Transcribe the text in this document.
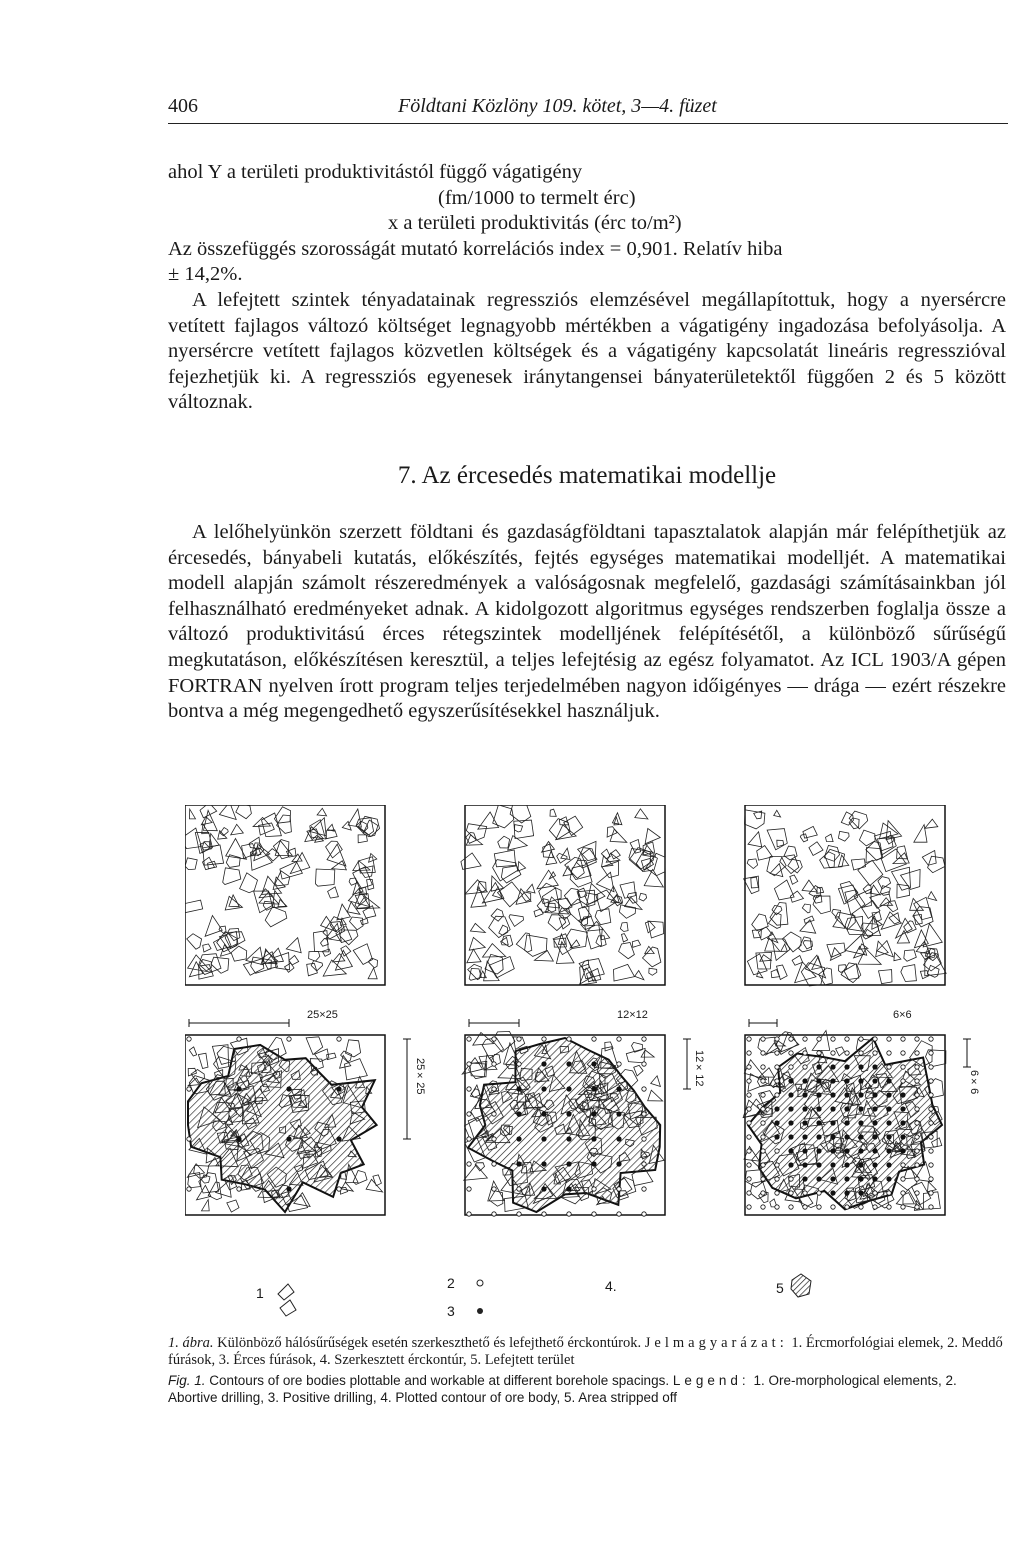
406	Földtani Közlöny 109. kötet, 3—4. füzet
ahol Y a területi produktivitástól függő vágatigény
(fm/1000 to termelt érc)
x a területi produktivitás (érc to/m²)
Az összefüggés szorosságát mutató korrelációs index = 0,901. Relatív hiba
± 14,2%.
A lefejtett szintek tényadatainak regressziós elemzésével megállapítottuk, hogy a nyersércre vetített fajlagos változó költséget legnagyobb mértékben a vágatigény ingadozása befolyásolja. A nyersércre vetített fajlagos közvetlen költségek és a vágatigény kapcsolatát lineáris regresszióval fejezhetjük ki. A regressziós egyenesek iránytangensei bányaterületektől függően 2 és 5 között változnak.
7. Az ércesedés matematikai modellje
A lelőhelyünkön szerzett földtani és gazdaságföldtani tapasztalatok alapján már felépíthetjük az ércesedés, bányabeli kutatás, előkészítés, fejtés egységes matematikai modelljét. A matematikai modell alapján számolt részeredmények a valóságosnak megfelelő, gazdasági számításainkban jól felhasználható eredményeket adnak. A kidolgozott algoritmus egységes rendszerben foglalja össze a változó produktivitású érces rétegszintek modelljének felépítésétől, a különböző sűrűségű megkutatáson, előkészítésen keresztül, a teljes lefejtésig az egész folyamatot. Az ICL 1903/A gépen FORTRAN nyelven írott program teljes terjedelmében nagyon időigényes — drága — ezért részekre bontva a még megengedhető egyszerűsítésekkel használjuk.
25×25
25×25
12×12
12×12
6×6
6×6
1
2
3
4.	5
1. ábra. Különböző hálósűrűségek esetén szerkeszthető és lefejthető érckontúrok. Jelmagyarázat: 1. Ércmorfológiai elemek, 2. Meddő fúrások, 3. Érces fúrások, 4. Szerkesztett érckontúr, 5. Lefejtett terület
Fig. 1. Contours of ore bodies plottable and workable at different borehole spacings. Legend: 1. Ore-morphological elements, 2. Abortive drilling, 3. Positive drilling, 4. Plotted contour of ore body, 5. Area stripped off
